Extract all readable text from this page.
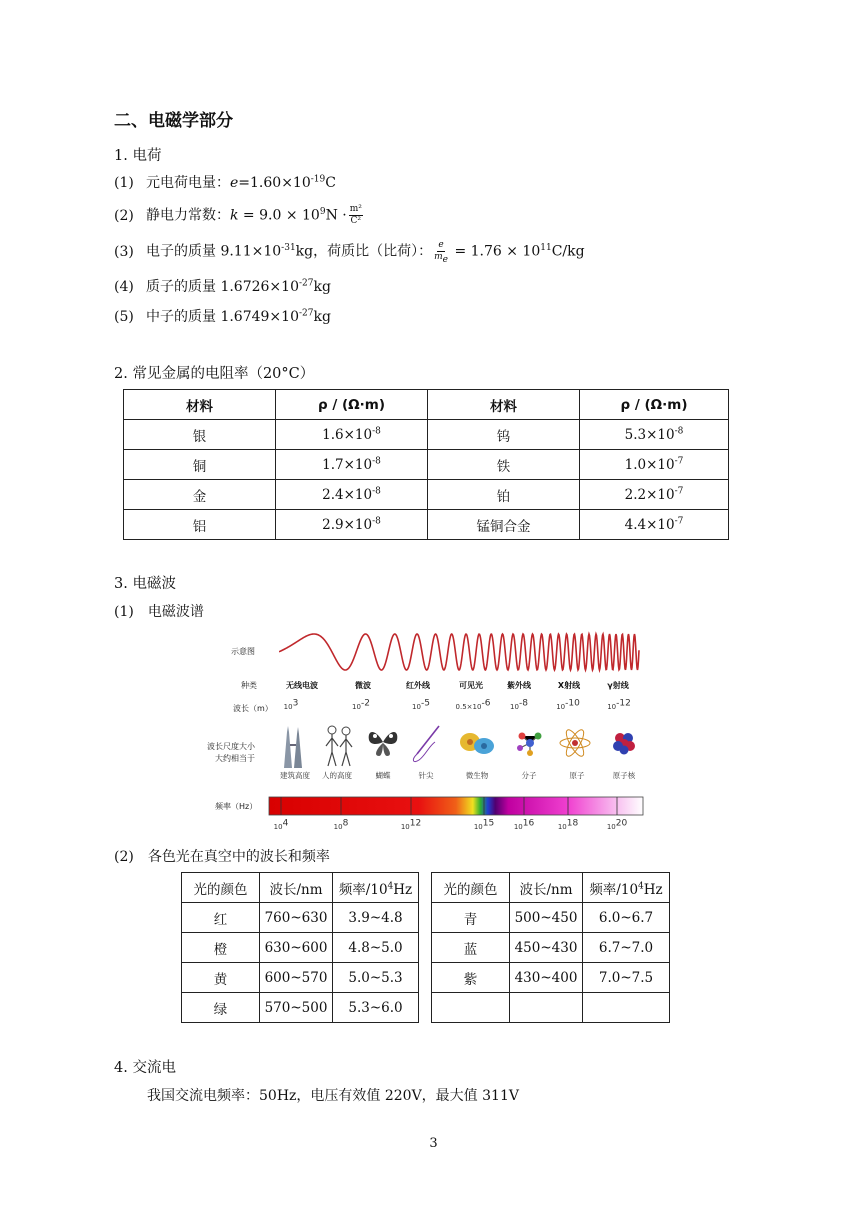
二、电磁学部分
1. 电荷
(1) 元电荷电量：$e=1.60\times 10^{-19}C$
(2) 静电力常数：$k = 9.0 \times 10^9N \cdot \frac{\text{m²}}{\text{C²}}$
(3) 电子的质量 $9.11\times 10^{-31}kg$，荷质比（比荷）： $\frac{e}{m_e} = 1.76 \times 10^{11}C/kg$
(4) 质子的质量 $1.6726\times 10^{-27}kg$
(5) 中子的质量 $1.6749\times 10^{-27}kg$
2. 常见金属的电阻率（20°C）
材料	ρ / (Ω·m)	材料	ρ / (Ω·m)
银	$1.6\times 10^{-8}$	钨	$5.3\times 10^{-8}$
铜	$1.7\times 10^{-8}$	铁	$1.0\times 10^{-7}$
金	$2.4\times 10^{-8}$	铂	$2.2\times 10^{-7}$
铝	$2.9\times 10^{-8}$	锰铜合金	$4.4\times 10^{-7}$
3. 电磁波
(1)　电磁波谱
示意图
种类
波长（m）
波长尺度大小
大约相当于
频率（Hz）
无线电波	微波	红外线	可见光	紫外线	X射线	γ射线
$10^3$	$10^{-2}$	$10^{-5}$	$0.5\times 10^{-6}$	$10^{-8}$	$10^{-10}$	$10^{-12}$
建筑高度 人的高度	蝴蝶	针尖	微生物	分子	原子	原子核
$10^4$	$10^8$	$10^{12}$	$10^{15}$	$10^{16}$	$10^{18}$	$10^{20}$
(2)　各色光在真空中的波长和频率
光的颜色	波长/nm	频率$/10^4Hz$		光的颜色	波长/nm	频率$/10^4Hz$
红	760~630	3.9~4.8		青	500~450	6.0~6.7
橙	630~600	4.8~5.0		蓝	450~430	6.7~7.0
黄	600~570	5.0~5.3		紫	430~400	7.0~7.5
绿	570~500	5.3~6.0				
4. 交流电
我国交流电频率：50Hz，电压有效值 220V，最大值 311V
3
